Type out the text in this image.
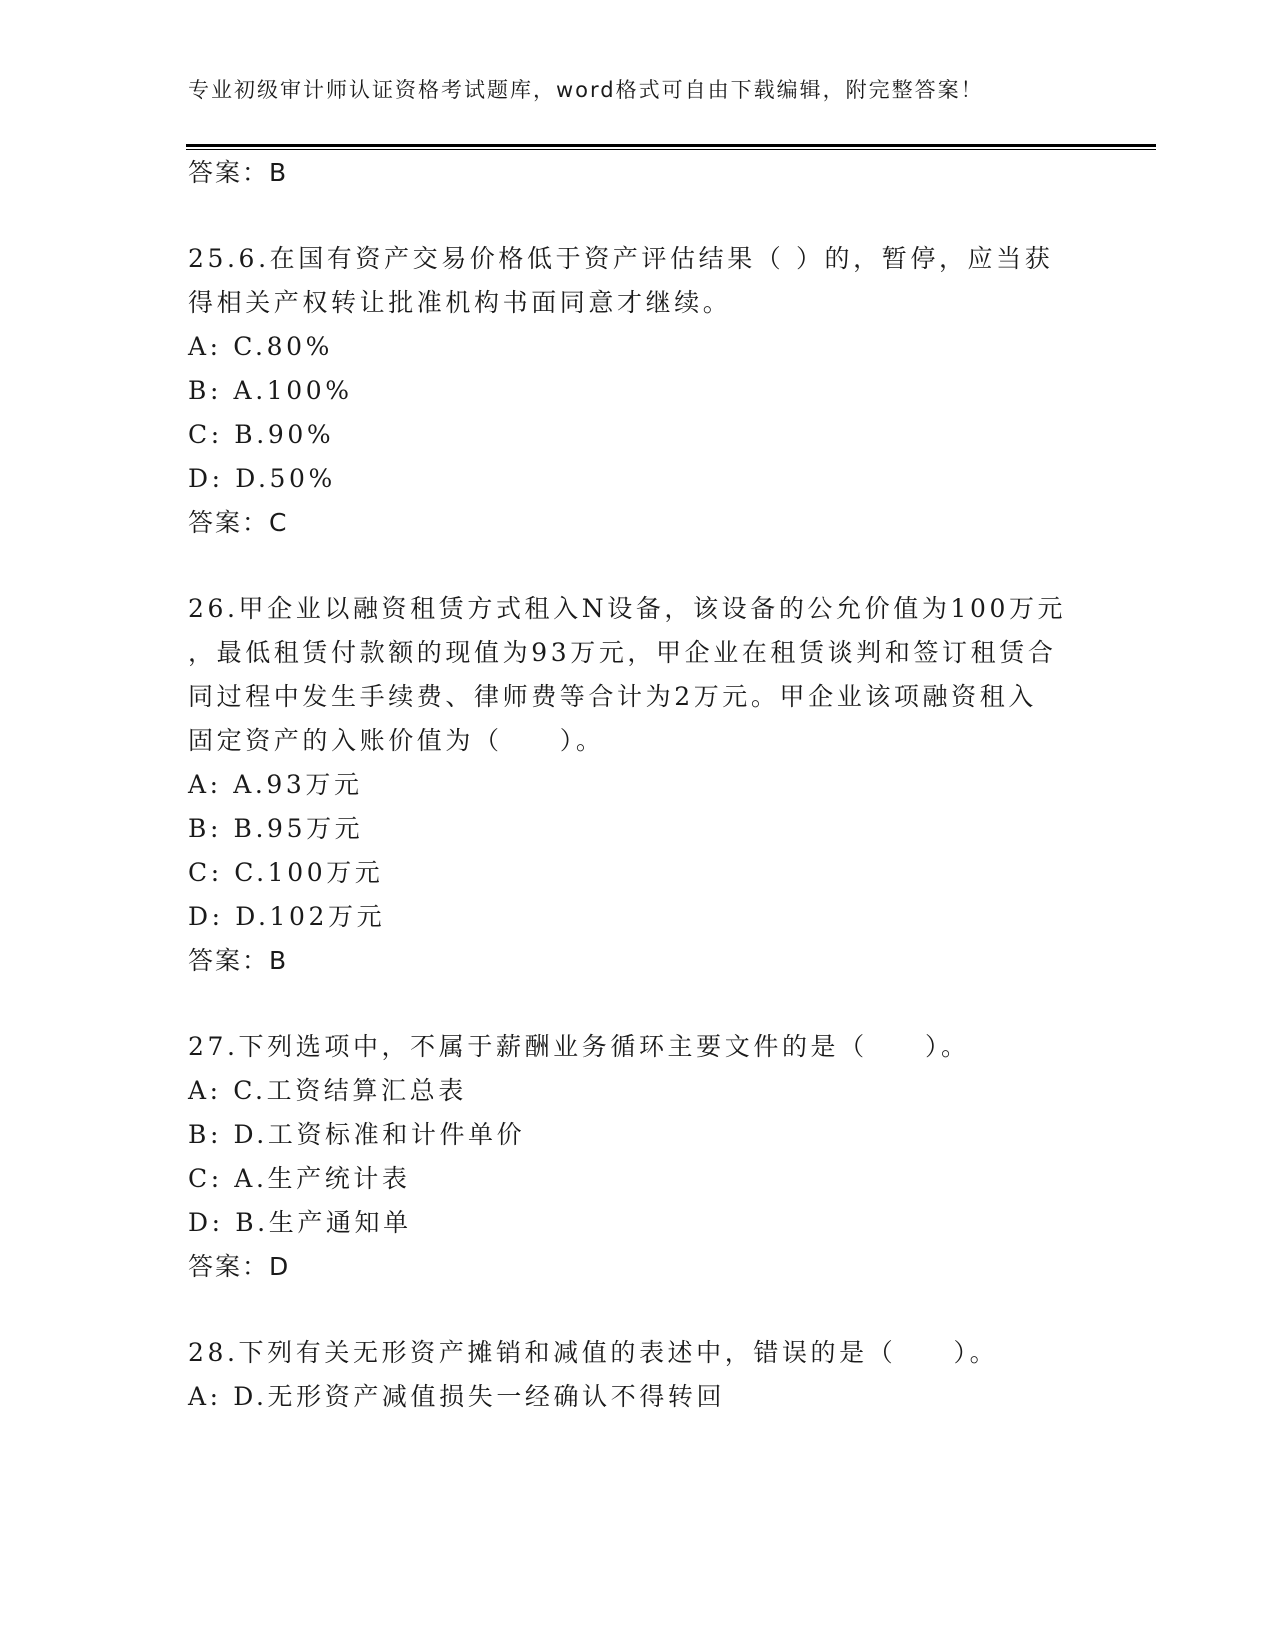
专业初级审计师认证资格考试题库，word格式可自由下载编辑，附完整答案！
答案：B
25.6.在国有资产交易价格低于资产评估结果（ ）的，暂停，应当获
得相关产权转让批准机构书面同意才继续。
A: C.80%
B: A.100%
C: B.90%
D: D.50%
答案：C
26.甲企业以融资租赁方式租入N设备，该设备的公允价值为100万元
，最低租赁付款额的现值为93万元，甲企业在租赁谈判和签订租赁合
同过程中发生手续费、律师费等合计为2万元。甲企业该项融资租入
固定资产的入账价值为（　　）。
A: A.93万元
B: B.95万元
C: C.100万元
D: D.102万元
答案：B
27.下列选项中，不属于薪酬业务循环主要文件的是（　　）。
A: C.工资结算汇总表
B: D.工资标准和计件单价
C: A.生产统计表
D: B.生产通知单
答案：D
28.下列有关无形资产摊销和减值的表述中，错误的是（　　）。
A: D.无形资产减值损失一经确认不得转回
